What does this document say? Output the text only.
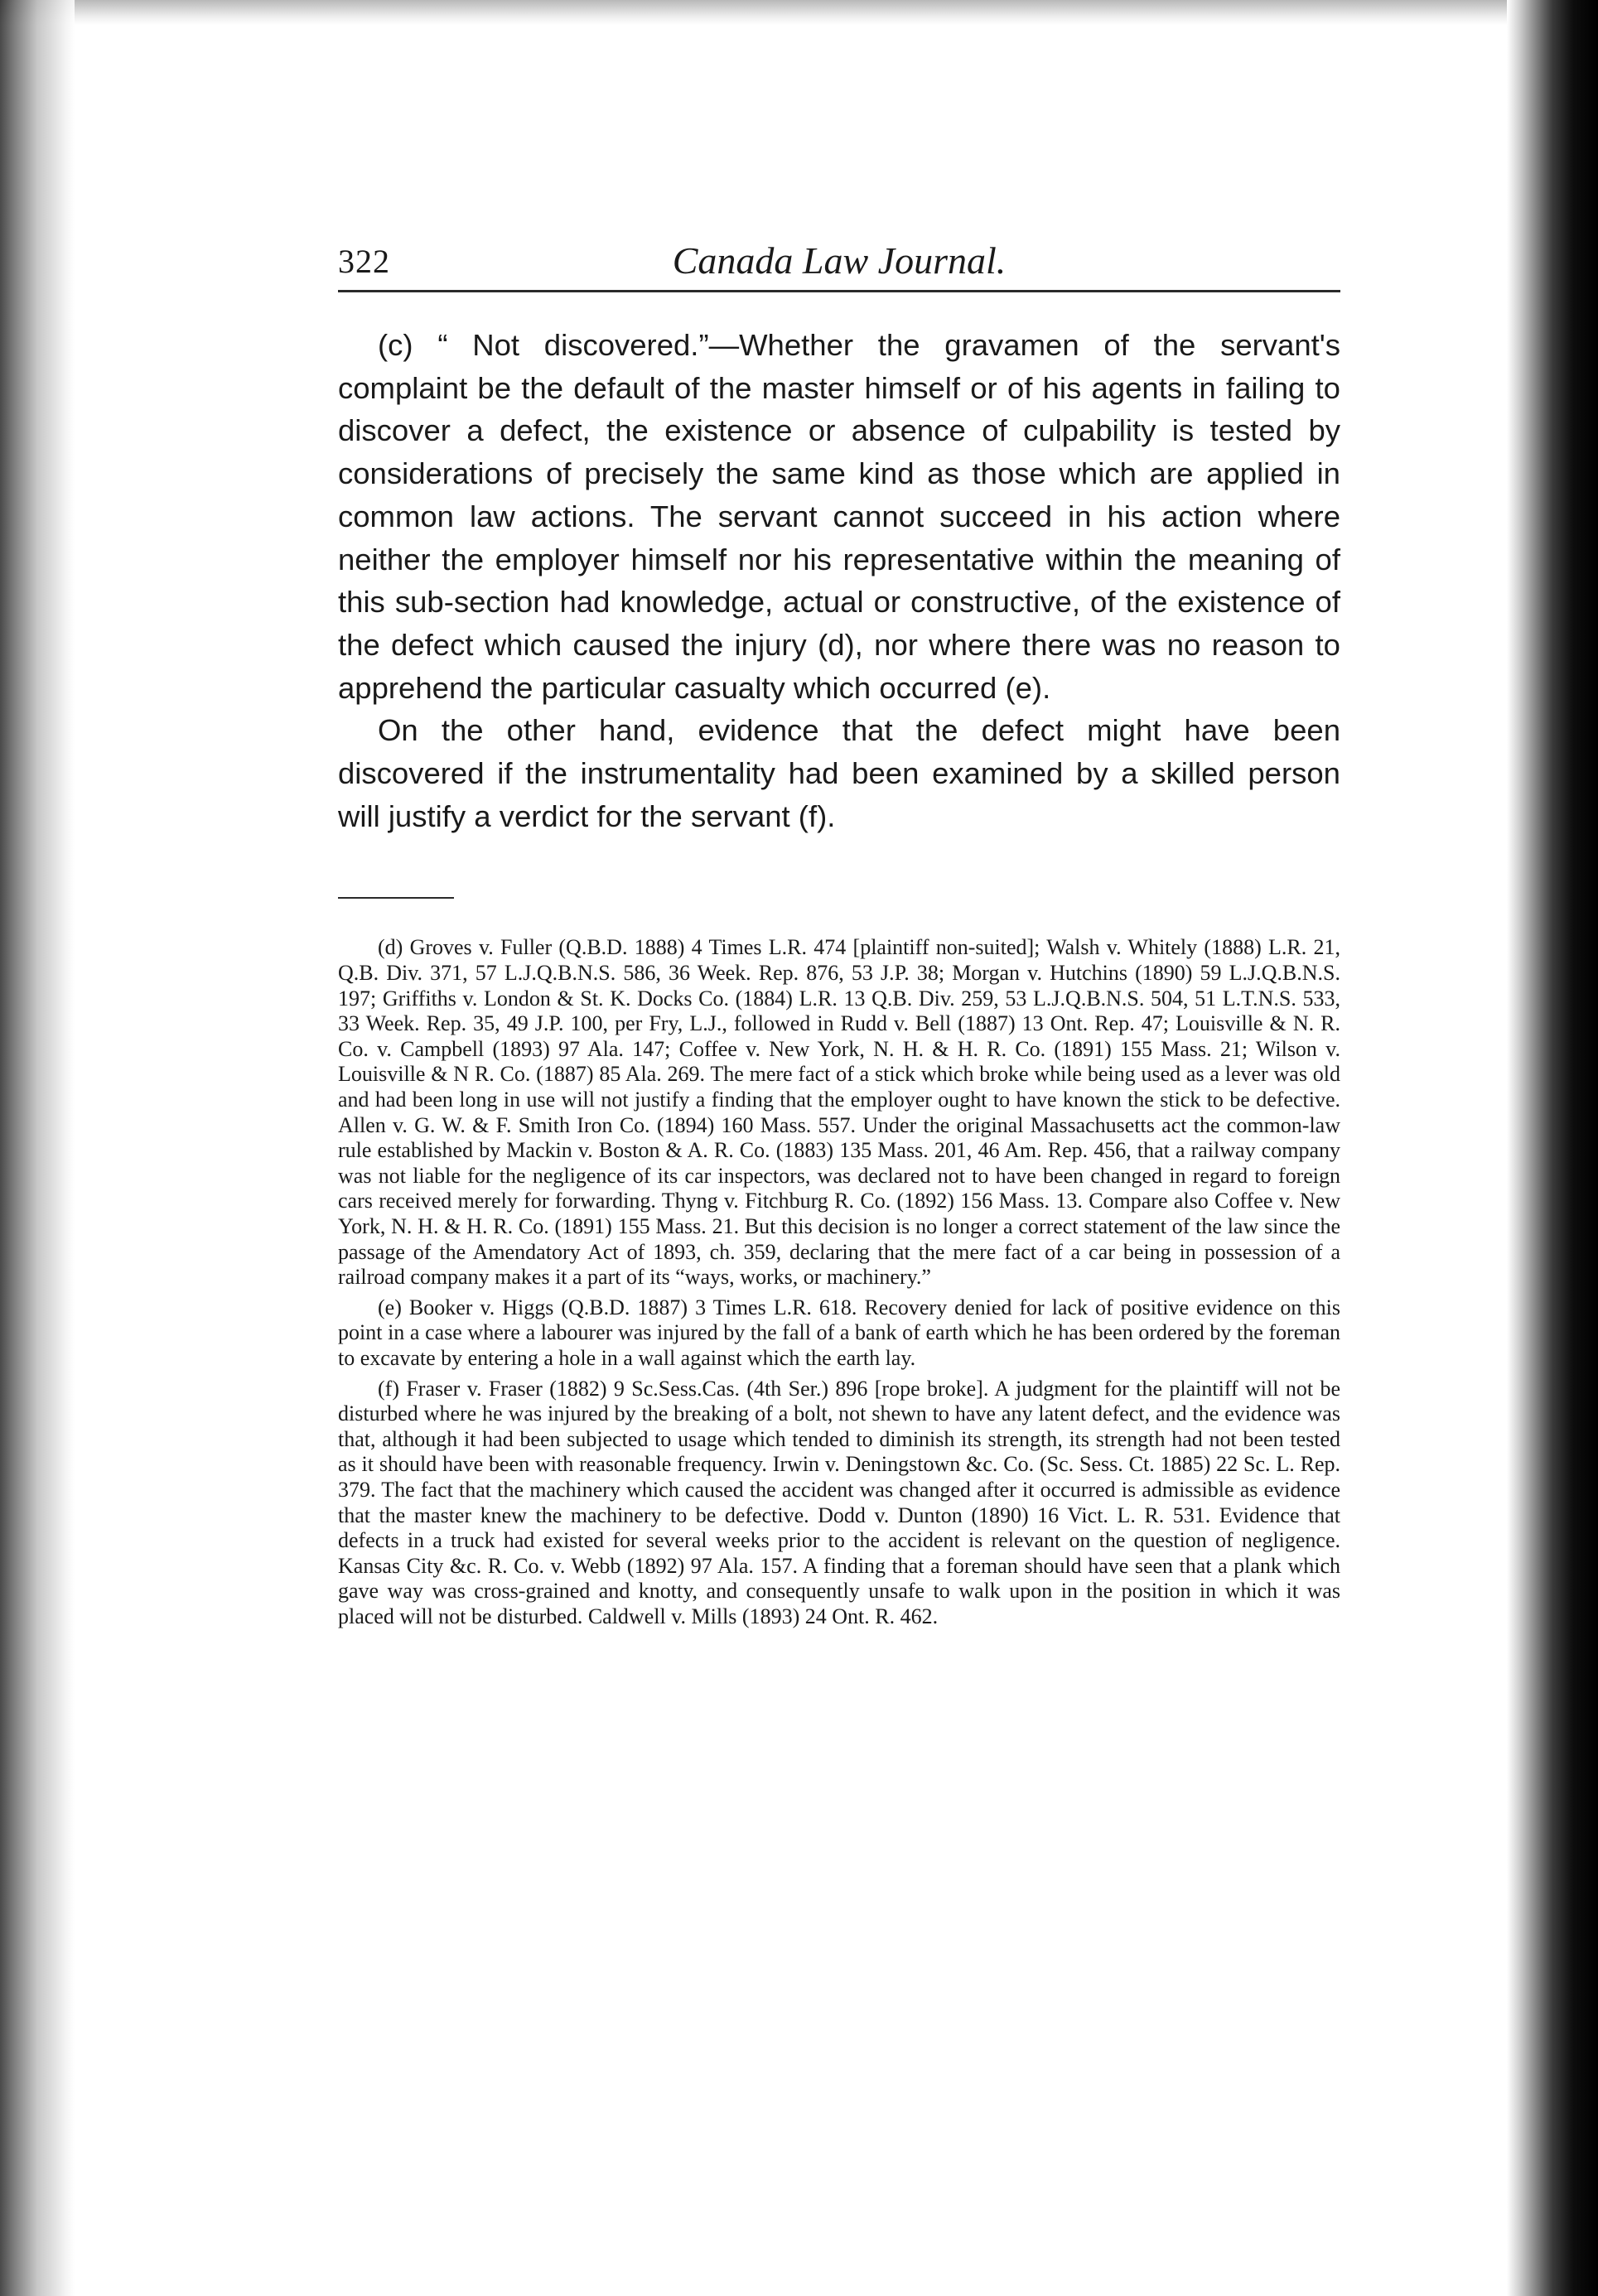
322	Canada Law Journal.

(c) “ Not discovered.”—Whether the gravamen of the servant's complaint be the default of the master himself or of his agents in failing to discover a defect, the existence or absence of culpability is tested by considerations of precisely the same kind as those which are applied in common law actions. The servant cannot succeed in his action where neither the employer himself nor his representative within the meaning of this sub-section had knowledge, actual or constructive, of the existence of the defect which caused the injury (d), nor where there was no reason to apprehend the particular casualty which occurred (e).

On the other hand, evidence that the defect might have been discovered if the instrumentality had been examined by a skilled person will justify a verdict for the servant (f).

(d) Groves v. Fuller (Q.B.D. 1888) 4 Times L.R. 474 [plaintiff non-suited]; Walsh v. Whitely (1888) L.R. 21, Q.B. Div. 371, 57 L.J.Q.B.N.S. 586, 36 Week. Rep. 876, 53 J.P. 38; Morgan v. Hutchins (1890) 59 L.J.Q.B.N.S. 197; Griffiths v. London & St. K. Docks Co. (1884) L.R. 13 Q.B. Div. 259, 53 L.J.Q.B.N.S. 504, 51 L.T.N.S. 533, 33 Week. Rep. 35, 49 J.P. 100, per Fry, L.J., followed in Rudd v. Bell (1887) 13 Ont. Rep. 47; Louisville & N. R. Co. v. Campbell (1893) 97 Ala. 147; Coffee v. New York, N. H. & H. R. Co. (1891) 155 Mass. 21; Wilson v. Louisville & N R. Co. (1887) 85 Ala. 269. The mere fact of a stick which broke while being used as a lever was old and had been long in use will not justify a finding that the employer ought to have known the stick to be defective. Allen v. G. W. & F. Smith Iron Co. (1894) 160 Mass. 557. Under the original Massachusetts act the common-law rule established by Mackin v. Boston & A. R. Co. (1883) 135 Mass. 201, 46 Am. Rep. 456, that a railway company was not liable for the negligence of its car inspectors, was declared not to have been changed in regard to foreign cars received merely for forwarding. Thyng v. Fitchburg R. Co. (1892) 156 Mass. 13. Compare also Coffee v. New York, N. H. & H. R. Co. (1891) 155 Mass. 21. But this decision is no longer a correct statement of the law since the passage of the Amendatory Act of 1893, ch. 359, declaring that the mere fact of a car being in possession of a railroad company makes it a part of its “ways, works, or machinery.”

(e) Booker v. Higgs (Q.B.D. 1887) 3 Times L.R. 618. Recovery denied for lack of positive evidence on this point in a case where a labourer was injured by the fall of a bank of earth which he has been ordered by the foreman to excavate by entering a hole in a wall against which the earth lay.

(f) Fraser v. Fraser (1882) 9 Sc.Sess.Cas. (4th Ser.) 896 [rope broke]. A judgment for the plaintiff will not be disturbed where he was injured by the breaking of a bolt, not shewn to have any latent defect, and the evidence was that, although it had been subjected to usage which tended to diminish its strength, its strength had not been tested as it should have been with reasonable frequency. Irwin v. Deningstown &c. Co. (Sc. Sess. Ct. 1885) 22 Sc. L. Rep. 379. The fact that the machinery which caused the accident was changed after it occurred is admissible as evidence that the master knew the machinery to be defective. Dodd v. Dunton (1890) 16 Vict. L. R. 531. Evidence that defects in a truck had existed for several weeks prior to the accident is relevant on the question of negligence. Kansas City &c. R. Co. v. Webb (1892) 97 Ala. 157. A finding that a foreman should have seen that a plank which gave way was cross-grained and knotty, and consequently unsafe to walk upon in the position in which it was placed will not be disturbed. Caldwell v. Mills (1893) 24 Ont. R. 462.
